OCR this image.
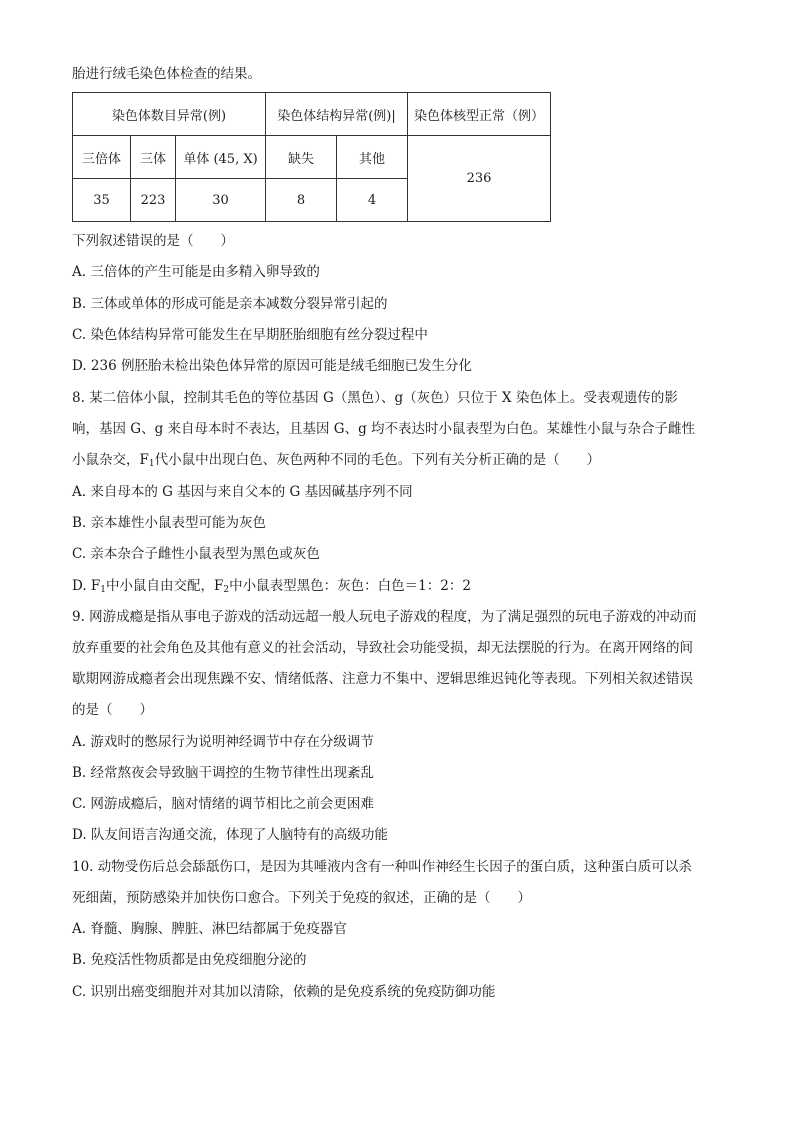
胎进行绒毛染色体检查的结果。
染色体数目异常(例)			染色体结构异常(例)|		染色体核型正常（例）
三倍体	三体	单体 (45, X)	缺失	其他	236
35	223	30	8	4	
下列叙述错误的是（　　）
A. 三倍体的产生可能是由多精入卵导致的
B. 三体或单体的形成可能是亲本减数分裂异常引起的
C. 染色体结构异常可能发生在早期胚胎细胞有丝分裂过程中
D. 236 例胚胎未检出染色体异常的原因可能是绒毛细胞已发生分化
8. 某二倍体小鼠，控制其毛色的等位基因 G（黑色）、g（灰色）只位于 X 染色体上。受表观遗传的影
响，基因 G、g 来自母本时不表达，且基因 G、g 均不表达时小鼠表型为白色。某雄性小鼠与杂合子雌性
小鼠杂交，$F_1$代小鼠中出现白色、灰色两种不同的毛色。下列有关分析正确的是（　　）
A. 来自母本的 G 基因与来自父本的 G 基因碱基序列不同
B. 亲本雄性小鼠表型可能为灰色
C. 亲本杂合子雌性小鼠表型为黑色或灰色
D. $F_1$中小鼠自由交配，$F_2$中小鼠表型黑色：灰色：白色＝1：2：2
9. 网游成瘾是指从事电子游戏的活动远超一般人玩电子游戏的程度，为了满足强烈的玩电子游戏的冲动而
放弃重要的社会角色及其他有意义的社会活动，导致社会功能受损，却无法摆脱的行为。在离开网络的间
歇期网游成瘾者会出现焦躁不安、情绪低落、注意力不集中、逻辑思维迟钝化等表现。下列相关叙述错误
的是（　　）
A. 游戏时的憋尿行为说明神经调节中存在分级调节
B. 经常熬夜会导致脑干调控的生物节律性出现紊乱
C. 网游成瘾后，脑对情绪的调节相比之前会更困难
D. 队友间语言沟通交流，体现了人脑特有的高级功能
10. 动物受伤后总会舔舐伤口，是因为其唾液内含有一种叫作神经生长因子的蛋白质，这种蛋白质可以杀
死细菌，预防感染并加快伤口愈合。下列关于免疫的叙述，正确的是（　　）
A. 脊髓、胸腺、脾脏、淋巴结都属于免疫器官
B. 免疫活性物质都是由免疫细胞分泌的
C. 识别出癌变细胞并对其加以清除，依赖的是免疫系统的免疫防御功能
